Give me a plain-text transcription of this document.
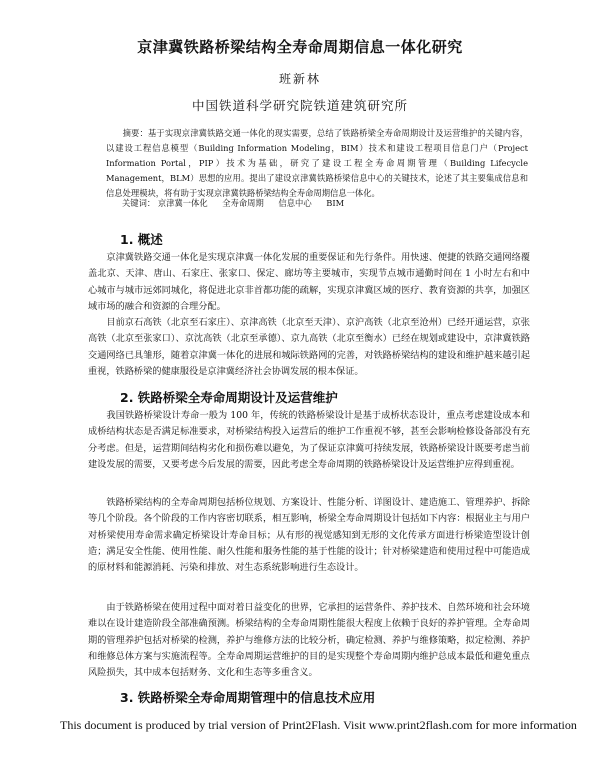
京津冀铁路桥梁结构全寿命周期信息一体化研究
班新林
中国铁道科学研究院铁道建筑研究所
摘要：基于实现京津冀铁路交通一体化的现实需要，总结了铁路桥梁全寿命周期设计及运营维护的关键内容，以建设工程信息模型（Building Information Modeling，BIM）技术和建设工程项目信息门户（Project Information Portal，PIP）技术为基础，研究了建设工程全寿命周期管理（Building Lifecycle Management，BLM）思想的应用。提出了建设京津冀铁路桥梁信息中心的关键技术，论述了其主要集成信息和信息处理模块，将有助于实现京津冀铁路桥梁结构全寿命周期信息一体化。
关键词： 京津冀一体化 全寿命周期 信息中心 BIM
1. 概述
京津冀铁路交通一体化是实现京津冀一体化发展的重要保证和先行条件。用快速、便捷的铁路交通网络覆盖北京、天津、唐山、石家庄、张家口、保定、廊坊等主要城市，实现节点城市通勤时间在 1 小时左右和中心城市与城市远郊同城化，将促进北京非首都功能的疏解，实现京津冀区域的医疗、教育资源的共享，加强区域市场的融合和资源的合理分配。
目前京石高铁（北京至石家庄）、京津高铁（北京至天津）、京沪高铁（北京至沧州）已经开通运营，京张高铁（北京至张家口）、京沈高铁（北京至承德）、京九高铁（北京至衡水）已经在规划或建设中，京津冀铁路交通网络已具雏形，随着京津冀一体化的进展和城际铁路网的完善，对铁路桥梁结构的建设和维护越来越引起重视，铁路桥梁的健康服役是京津冀经济社会协调发展的根本保证。
2. 铁路桥梁全寿命周期设计及运营维护
我国铁路桥梁设计寿命一般为 100 年，传统的铁路桥梁设计是基于成桥状态设计，重点考虑建设成本和成桥结构状态是否满足标准要求，对桥梁结构投入运营后的维护工作重视不够，甚至会影响检修设备部没有充分考虑。但是，运营期间结构劣化和损伤难以避免，为了保证京津冀可持续发展，铁路桥梁设计既要考虑当前建设发展的需要，又要考虑今后发展的需要，因此考虑全寿命周期的铁路桥梁设计及运营维护应得到重视。
铁路桥梁结构的全寿命周期包括桥位规划、方案设计、性能分析、详图设计、建造施工、管理养护、拆除等几个阶段。各个阶段的工作内容密切联系，相互影响，桥梁全寿命周期设计包括如下内容：根据业主与用户对桥梁使用寿命需求确定桥梁设计寿命目标；从有形的视觉感知到无形的文化传承方面进行桥梁造型设计创造；满足安全性能、使用性能、耐久性能和服务性能的基于性能的设计；针对桥梁建造和使用过程中可能造成的原材料和能源消耗、污染和排放、对生态系统影响进行生态设计。
由于铁路桥梁在使用过程中面对着日益变化的世界，它承担的运营条件、养护技术、自然环境和社会环境难以在设计建造阶段全部准确预测。桥梁结构的全寿命周期性能很大程度上依赖于良好的养护管理。全寿命周期的管理养护包括对桥梁的检测，养护与维修方法的比较分析，确定检测、养护与维修策略，拟定检测、养护和维修总体方案与实施流程等。全寿命周期运营维护的目的是实现整个寿命周期内维护总成本最低和避免重点风险损失，其中成本包括财务、文化和生态等多重含义。
3. 铁路桥梁全寿命周期管理中的信息技术应用
This document is produced by trial version of Print2Flash. Visit www.print2flash.com for more information
